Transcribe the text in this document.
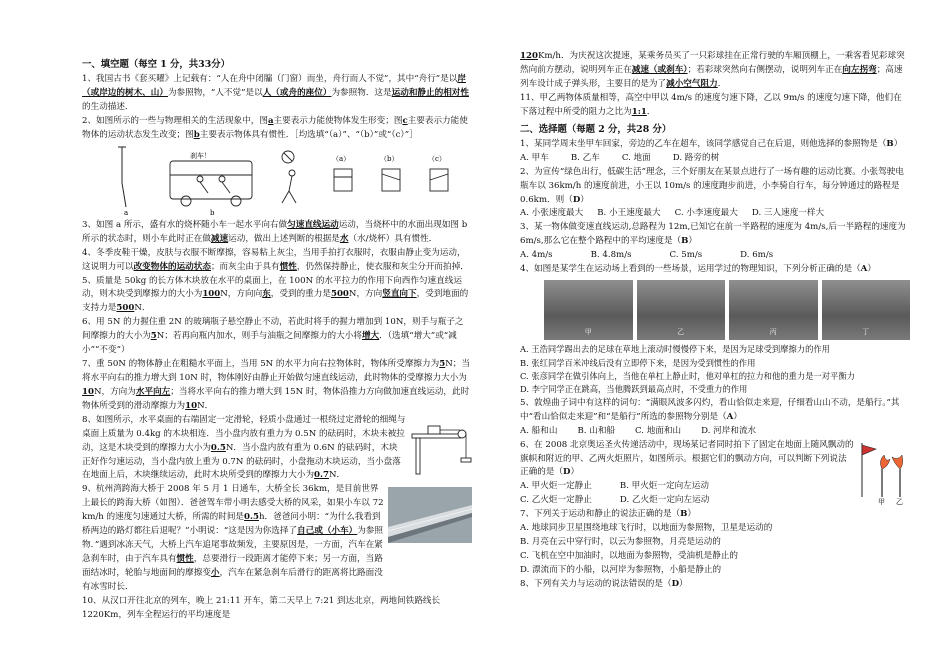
一、填空题（每空 1 分，共33分）

1、我国古书《套买曜》上记载有：“人在舟中闭牖（门窗）而坐，舟行而人不觉”，其中“舟行”是以岸（或岸边的树木、山）为参照物，“人不觉”是以人（或舟的座位）为参照物．这是运动和静止的相对性的生动描述．

2、如图所示的一些与物理相关的生活现象中，图a主要表示力能使物体发生形变；图c主要表示力能使物体的运动状态发生改变；图b主要表示物体具有惯性．［均选填“（a）”、“（b）”或“（c）”］

a
刹车！
b
（a）	（b）	（c）

3、如图 a 所示，盛有水的烧杯随小车一起水平向右做匀速直线运动运动，当烧杯中的水面出现如图 b 所示的状态时，则小车此时正在做减速运动，做出上述判断的根据是水（水/烧杯）具有惯性．

4、冬季皮鞋干燥，皮肤与衣服不断摩擦，容易粘上灰尘，当用手拍打衣服时，衣服由静止变为运动，这说明力可以改变物体的运动状态；而灰尘由于具有惯性，仍然保持静止，使衣服和灰尘分开而拍掉．

5、质量是 50kg 的长方体木块放在水平的桌面上，在 100N 的水平拉力的作用下向西作匀速直线运动，则木块受到摩擦力的大小为100N，方向向东，受到的重力是500N，方向竖直向下，受到地面的支持力是500N．

6、用 5N 的力握住重 2N 的玻璃瓶子悬空静止不动，若此时将手的握力增加到 10N，则手与瓶子之间摩擦力的大小为5N；若再向瓶内加水，则手与油瓶之间摩擦力的大小将增大．（选填“增大”或“减小”“不变”）

7、重 50N 的物体静止在粗糙水平面上，当用 5N 的水平力向右拉物体时，物体所受摩擦力为5N；当将水平向右的推力增大到 10N 时，物体刚好由静止开始做匀速直线运动，此时物体的受摩擦力大小为10N，方向为水平向左；当将水平向右的推力增大到 15N 时，物体沿推力方向做加速直线运动，此时物体所受到的滑动摩擦力为10N．

8、如图所示，水平桌面的右端固定一定滑轮，轻质小盘通过一根绕过定滑轮的细绳与桌面上质量为 0.4kg 的木块相连．当小盘内放有重力为 0.5N 的砝码时，木块未被拉动，这是木块受到的摩擦力大小为0.5N．当小盘内放有重为 0.6N 的砝码时，木块正好作匀速运动，当小盘内放上重为 0.7N 的砝码时，小盘拖动木块运动，当小盘落在地面上后，木块继续运动，此时木块所受到的摩擦力大小为0.7N．

9、杭州湾跨海大桥于 2008 年 5 月 1 日通车，大桥全长 36km，是目前世界上最长的跨海大桥（如图）．爸爸驾车带小明去感受大桥的风采，如果小车以 72 km/h 的速度匀速通过大桥，所需的时间是0.5h．爸爸问小明：“为什么我看到桥两边的路灯都往后退呢？”小明说：“这是因为你选择了自己或（小车）为参照物．”遇到冰冻天气，大桥上汽车追尾事故频发，主要原因是，一方面，汽车在紧急刹车时，由于汽车具有惯性，总要滑行一段距离才能停下来；另一方面，当路面结冰时，轮胎与地面间的摩擦变小，汽车在紧急刹车后滑行的距离将比路面没有冰雪时长．

10、从汉口开往北京的列车，晚上 21:11 开车，第二天早上 7:21 到达北京，两地间铁路线长 1220Km，列车全程运行的平均速度是

120Km/h．为庆祝这次提速，某乘务员买了一只彩球挂在正常行驶的车厢顶棚上，一乘客看见彩球突然向前方摆动，说明列车正在减速（或刹车）；若彩球突然向右侧摆动，说明列车正在向左拐弯；高速列车设计成子弹头形，主要目的是为了减小空气阻力．

11、甲乙两物体质量相等，高空中甲以 4m/s 的速度匀速下降，乙以 9m/s 的速度匀速下降，他们在下落过程中所受的阻力之比为1:1．

二、选择题（每题 2 分，共28 分）

1、某同学周末坐甲车回家，旁边的乙车在超车，该同学感觉自己在后退，则他选择的参照物是（B）

A. 甲车	B. 乙车	C. 地面	D. 路旁的树

2、为宣传“绿色出行，低碳生活”理念，三个好朋友在某景点进行了一场有趣的运动比赛。小张驾驶电瓶车以 36km/h 的速度前进，小王以 10m/s 的速度跑步前进，小李骑自行车，每分钟通过的路程是 0.6km．则（D）

A. 小张速度最大 B. 小王速度最大 C. 小李速度最大 D. 三人速度一样大

3、某一物体做变速直线运动,总路程为 12m,已知它在前一半路程的速度为 4m/s,后一半路程的速度为 6m/s,那么它在整个路程中的平均速度是（B）

A. 4m/s	B. 4.8m/s	C. 5m/s	D. 6m/s

4、如图是某学生在运动场上看到的一些场景，运用学过的物理知识，下列分析正确的是（A）

甲	乙	丙	丁

A. 王浩同学踢出去的足球在草地上滚动时慢慢停下来，是因为足球受到摩擦力的作用

B. 张红同学百米冲线后没有立即停下来，是因为受到惯性的作用

C. 张彦同学在做引体向上，当他在单杠上静止时，他对单杠的拉力和他的重力是一对平衡力

D. 李宁同学正在跳高，当他腾跃到最高点时，不受重力的作用

5、敦煌曲子词中有这样的词句：“满眼风波多闪灼，看山恰似走来迎，仔细看山山不动，是船行。”其中“看山恰似走来迎”和“是船行”所选的参照物分别是（A）

A. 船和山 B. 山和船 C. 地面和山 D. 河岸和流水

6、在 2008 北京奥运圣火传递活动中，现场某记者同时拍下了固定在地面上随风飘动的旗帜和附近的甲、乙两火炬照片，如图所示。根据它们的飘动方向，可以判断下列说法正确的是（D）

A. 甲火炬一定静止	B. 甲火炬一定向左运动
C. 乙火炬一定静止	D. 乙火炬一定向左运动	甲 乙

7、下列关于运动和静止的说法正确的是（B）

A. 地球同步卫星围绕地球飞行时，以地面为参照物，卫星是运动的

B. 月亮在云中穿行时，以云为参照物，月亮是运动的

C. 飞机在空中加油时，以地面为参照物，受油机是静止的

D. 漂流而下的小船，以河岸为参照物，小船是静止的

8、下列有关力与运动的说法错误的是（D）
